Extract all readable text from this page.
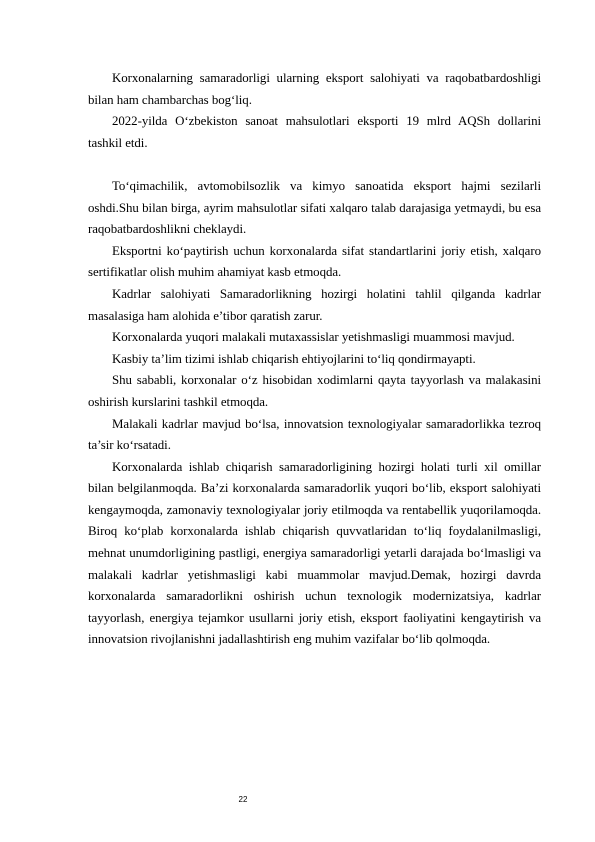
Korxonalarning samaradorligi ularning eksport salohiyati va raqobatbardoshligi bilan ham chambarchas bog‘liq.

2022-yilda O‘zbekiston sanoat mahsulotlari eksporti 19 mlrd AQSh dollarini tashkil etdi.

To‘qimachilik, avtomobilsozlik va kimyo sanoatida eksport hajmi sezilarli oshdi.Shu bilan birga, ayrim mahsulotlar sifati xalqaro talab darajasiga yetmaydi, bu esa raqobatbardoshlikni cheklaydi.

Eksportni ko‘paytirish uchun korxonalarda sifat standartlarini joriy etish, xalqaro sertifikatlar olish muhim ahamiyat kasb etmoqda.

Kadrlar salohiyati Samaradorlikning hozirgi holatini tahlil qilganda kadrlar masalasiga ham alohida e’tibor qaratish zarur.

Korxonalarda yuqori malakali mutaxassislar yetishmasligi muammosi mavjud.

Kasbiy ta’lim tizimi ishlab chiqarish ehtiyojlarini to‘liq qondirmayapti.

Shu sababli, korxonalar o‘z hisobidan xodimlarni qayta tayyorlash va malakasini oshirish kurslarini tashkil etmoqda.

Malakali kadrlar mavjud bo‘lsa, innovatsion texnologiyalar samaradorlikka tezroq ta’sir ko‘rsatadi.

Korxonalarda ishlab chiqarish samaradorligining hozirgi holati turli xil omillar bilan belgilanmoqda. Ba’zi korxonalarda samaradorlik yuqori bo‘lib, eksport salohiyati kengaymoqda, zamonaviy texnologiyalar joriy etilmoqda va rentabellik yuqorilamoqda. Biroq ko‘plab korxonalarda ishlab chiqarish quvvatlaridan to‘liq foydalanilmasligi, mehnat unumdorligining pastligi, energiya samaradorligi yetarli darajada bo‘lmasligi va malakali kadrlar yetishmasligi kabi muammolar mavjud.Demak, hozirgi davrda korxonalarda samaradorlikni oshirish uchun texnologik modernizatsiya, kadrlar tayyorlash, energiya tejamkor usullarni joriy etish, eksport faoliyatini kengaytirish va innovatsion rivojlanishni jadallashtirish eng muhim vazifalar bo‘lib qolmoqda.

22
